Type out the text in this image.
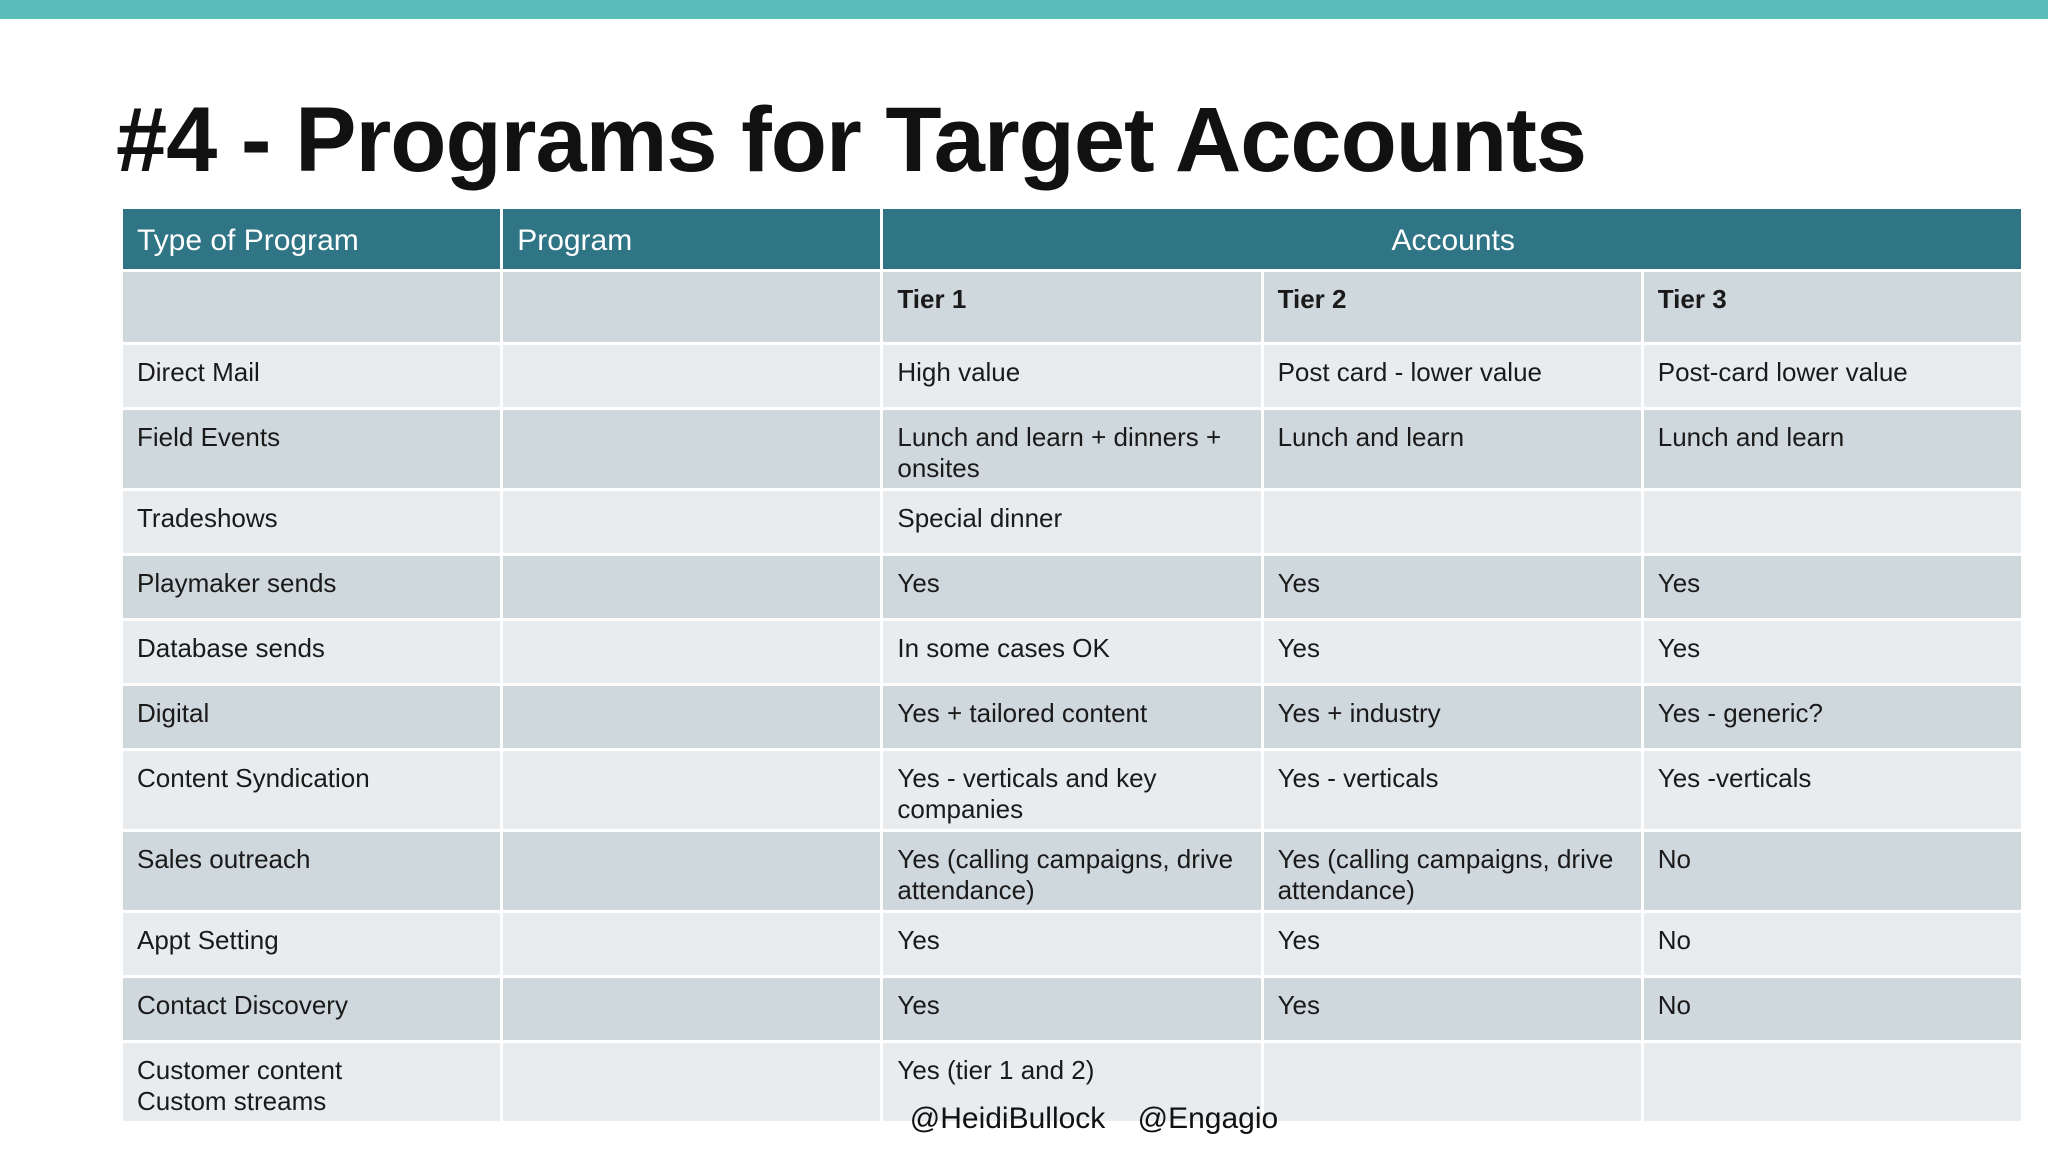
#4 - Programs for Target Accounts
Type of Program	Program	Accounts		
		Tier 1	Tier 2	Tier 3
Direct Mail		High value	Post card - lower value	Post-card lower value
Field Events		Lunch and learn + dinners + onsites	Lunch and learn	Lunch and learn
Tradeshows		Special dinner		
Playmaker sends		Yes	Yes	Yes
Database sends		In some cases OK	Yes	Yes
Digital		Yes + tailored content	Yes + industry	Yes - generic?
Content Syndication		Yes - verticals and key companies	Yes - verticals	Yes -verticals
Sales outreach		Yes (calling campaigns, drive attendance)	Yes (calling campaigns, drive attendance)	No
Appt Setting		Yes	Yes	No
Contact Discovery		Yes	Yes	No
Customer content
Custom streams		Yes (tier 1 and 2)		
@HeidiBullock @Engagio
